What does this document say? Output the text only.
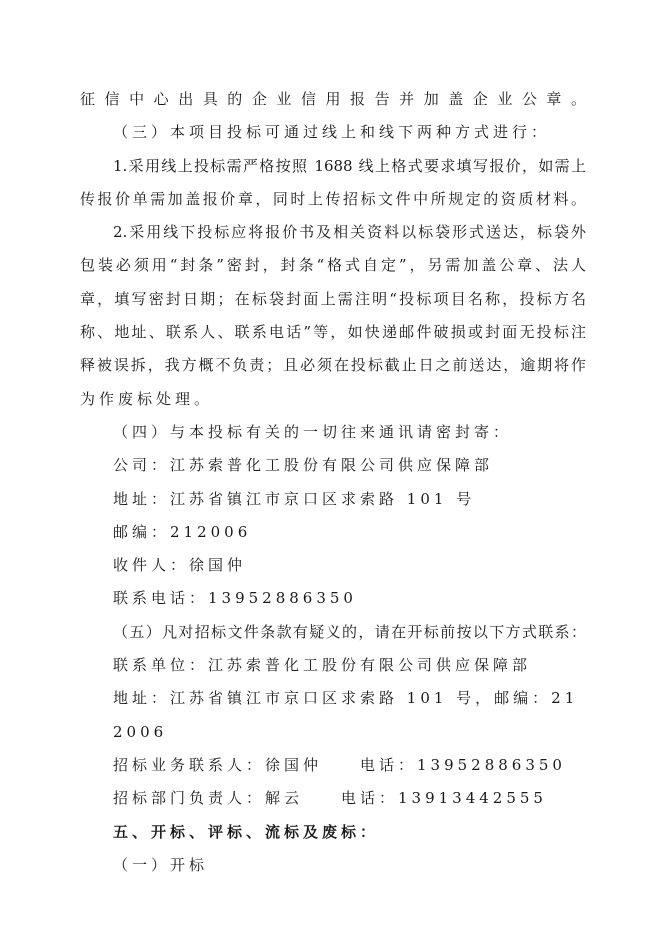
征信中心出具的企业信用报告并加盖企业公章。
（三）本项目投标可通过线上和线下两种方式进行：
1.采用线上投标需严格按照 1688 线上格式要求填写报价，如需上
传报价单需加盖报价章，同时上传招标文件中所规定的资质材料。
2.采用线下投标应将报价书及相关资料以标袋形式送达，标袋外
包装必须用“封条”密封，封条“格式自定”，另需加盖公章、法人
章，填写密封日期；在标袋封面上需注明“投标项目名称，投标方名
称、地址、联系人、联系电话”等，如快递邮件破损或封面无投标注
释被误拆，我方概不负责；且必须在投标截止日之前送达，逾期将作
为作废标处理。
（四）与本投标有关的一切往来通讯请密封寄：
公司：江苏索普化工股份有限公司供应保障部
地址：江苏省镇江市京口区求索路 101 号
邮编：212006
收件人：徐国仲
联系电话：13952886350
（五）凡对招标文件条款有疑义的，请在开标前按以下方式联系：
联系单位：江苏索普化工股份有限公司供应保障部
地址：江苏省镇江市京口区求索路 101 号，邮编：212006
招标业务联系人：徐国仲　　电话：13952886350
招标部门负责人：解云　　电话：13913442555
五、开标、评标、流标及废标：
（一）开标
